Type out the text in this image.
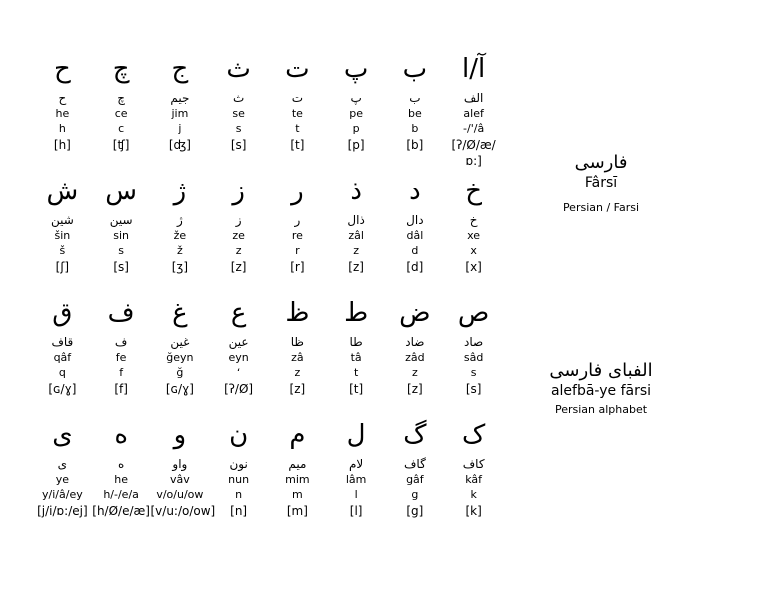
آ/ا
الف
alef
-/'/â
[ʔ/Ø/æ/ɒ:]
ب
ب
be
b
[b]
پ
پ
pe
p
[p]
ت
ت
te
t
[t]
ث
ث
se
s
[s]
ج
جیم
jim
j
[ʤ]
چ
چ
ce
c
[ʧ]
ح
ح
he
h
[h]
خ
خ
xe
x
[x]
د
دال
dâl
d
[d]
ذ
ذال
zâl
z
[z]
ر
ر
re
r
[r]
ز
ز
ze
z
[z]
ژ
ژ
že
ž
[ʒ]
س
سین
sin
s
[s]
ش
شین
šin
š
[ʃ]
ص
صاد
sâd
s
[s]
ض
ضاد
zâd
z
[z]
ط
طا
tâ
t
[t]
ظ
ظا
zâ
z
[z]
ع
عین
eyn
ʻ
[ʔ/Ø]
غ
غین
ğeyn
ğ
[ɢ/ɣ]
ف
ف
fe
f
[f]
ق
قاف
qâf
q
[ɢ/ɣ]
ک
کاف
kâf
k
[k]
گ
گاف
gâf
g
[g]
ل
لام
lâm
l
[l]
م
میم
mim
m
[m]
ن
نون
nun
n
[n]
و
واو
vâv
v/o/u/ow
[v/u:/o/ow]
ه
ه
he
h/-/e/a
[h/Ø/e/æ]
ی
ی
ye
y/i/â/ey
[j/i/ɒ:/ej]
فارسی
Fârsī
Persian / Farsi
الفبای فارسی
alefbā-ye fārsi
Persian alphabet
